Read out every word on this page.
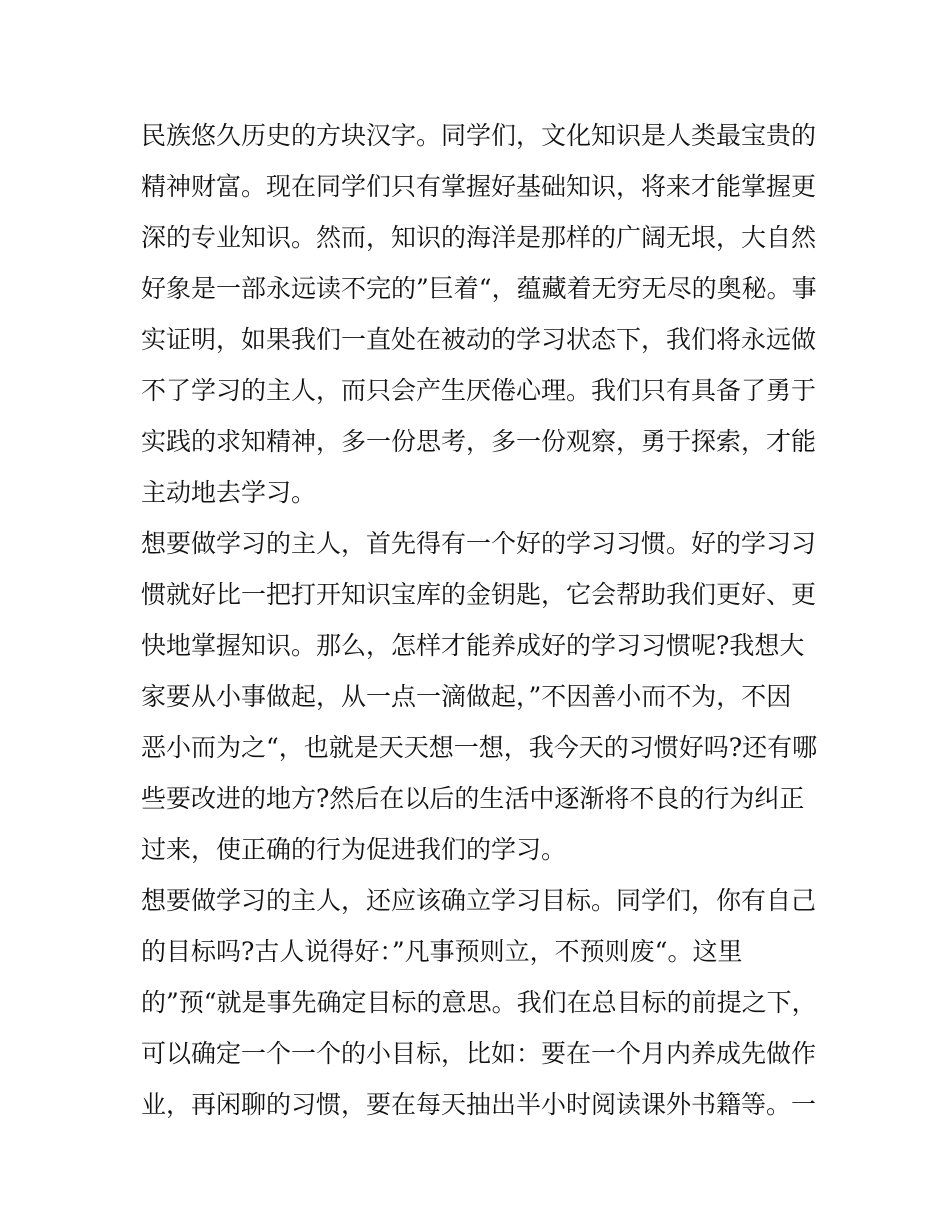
民族悠久历史的方块汉字。同学们，文化知识是人类最宝贵的
精神财富。现在同学们只有掌握好基础知识，将来才能掌握更
深的专业知识。然而，知识的海洋是那样的广阔无垠，大自然
好象是一部永远读不完的”巨着“，蕴藏着无穷无尽的奥秘。事
实证明，如果我们一直处在被动的学习状态下，我们将永远做
不了学习的主人，而只会产生厌倦心理。我们只有具备了勇于
实践的求知精神，多一份思考，多一份观察，勇于探索，才能
主动地去学习。
想要做学习的主人，首先得有一个好的学习习惯。好的学习习
惯就好比一把打开知识宝库的金钥匙，它会帮助我们更好、更
快地掌握知识。那么，怎样才能养成好的学习习惯呢?我想大
家要从小事做起，从一点一滴做起，”不因善小而不为，不因
恶小而为之“，也就是天天想一想，我今天的习惯好吗?还有哪
些要改进的地方?然后在以后的生活中逐渐将不良的行为纠正
过来，使正确的行为促进我们的学习。
想要做学习的主人，还应该确立学习目标。同学们，你有自己
的目标吗?古人说得好：”凡事预则立，不预则废“。这里
的”预“就是事先确定目标的意思。我们在总目标的前提之下，
可以确定一个一个的小目标，比如：要在一个月内养成先做作
业，再闲聊的习惯，要在每天抽出半小时阅读课外书籍等。一
